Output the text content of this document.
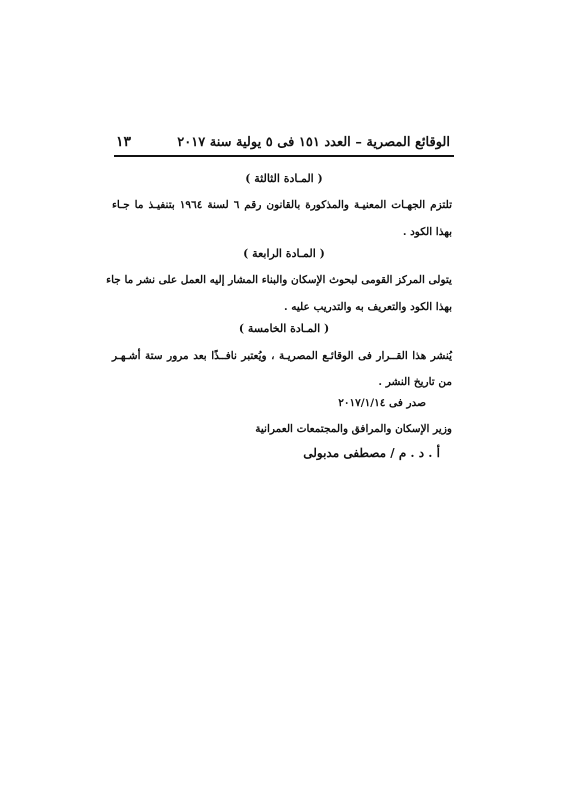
الوقائع المصرية – العدد ١٥١ فى ٥ يولية سنة ٢٠١٧
١٣
( المـادة الثالثة )
تلتزم الجهـات المعنيـة والمذكورة بالقانون رقم ٦ لسنة ١٩٦٤ بتنفيـذ ما جـاء
بهذا الكود .
( المـادة الرابعة )
يتولى المركز القومى لبحوث الإسكان والبناء المشار إليه العمل على نشر ما جاء
بهذا الكود والتعريف به والتدريب عليه .
( المـادة الخامسة )
يُنشر هذا القــرار فى الوقائـع المصريـة ، ويُعتبر نافــذًا بعد مرور ستة أشـهـر
من تاريخ النشر .
صدر فى ٢٠١٧/١/١٤
وزير الإسكان والمرافق والمجتمعات العمرانية
أ . د . م / مصطفى مدبولى
